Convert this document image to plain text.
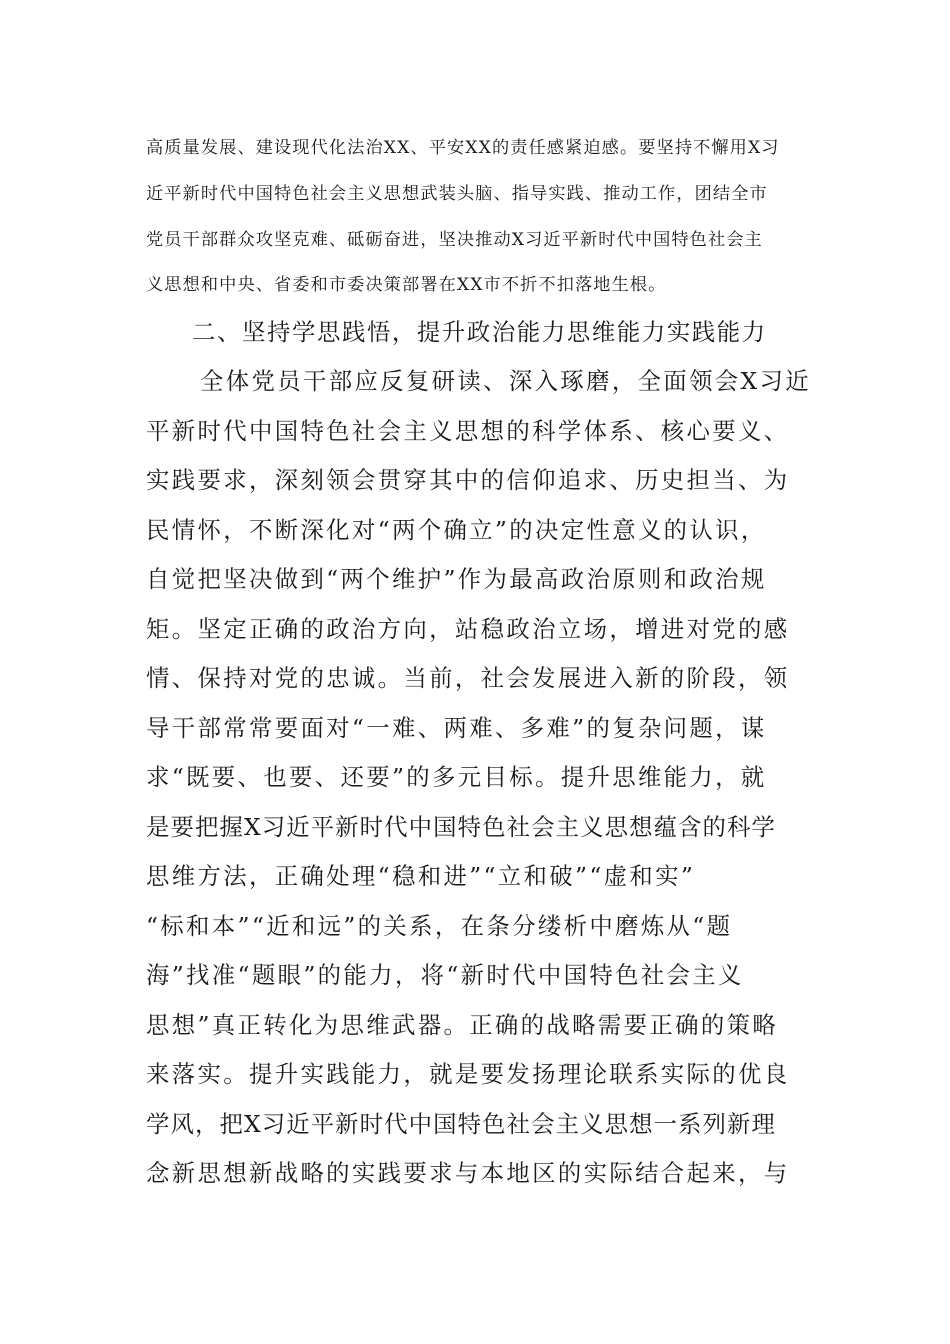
高质量发展、建设现代化法治XX、平安XX的责任感紧迫感。要坚持不懈用X习

近平新时代中国特色社会主义思想武装头脑、指导实践、推动工作，团结全市

党员干部群众攻坚克难、砥砺奋进，坚决推动X习近平新时代中国特色社会主

义思想和中央、省委和市委决策部署在XX市不折不扣落地生根。

二、坚持学思践悟，提升政治能力思维能力实践能力

全体党员干部应反复研读、深入琢磨，全面领会X习近

平新时代中国特色社会主义思想的科学体系、核心要义、

实践要求，深刻领会贯穿其中的信仰追求、历史担当、为

民情怀，不断深化对“两个确立”的决定性意义的认识，

自觉把坚决做到“两个维护”作为最高政治原则和政治规

矩。坚定正确的政治方向，站稳政治立场，增进对党的感

情、保持对党的忠诚。当前，社会发展进入新的阶段，领

导干部常常要面对“一难、两难、多难”的复杂问题，谋

求“既要、也要、还要”的多元目标。提升思维能力，就

是要把握X习近平新时代中国特色社会主义思想蕴含的科学

思维方法，正确处理“稳和进”“立和破”“虚和实”

“标和本”“近和远”的关系，在条分缕析中磨炼从“题

海”找准“题眼”的能力，将“新时代中国特色社会主义

思想”真正转化为思维武器。正确的战略需要正确的策略

来落实。提升实践能力，就是要发扬理论联系实际的优良

学风，把X习近平新时代中国特色社会主义思想一系列新理

念新思想新战略的实践要求与本地区的实际结合起来，与
